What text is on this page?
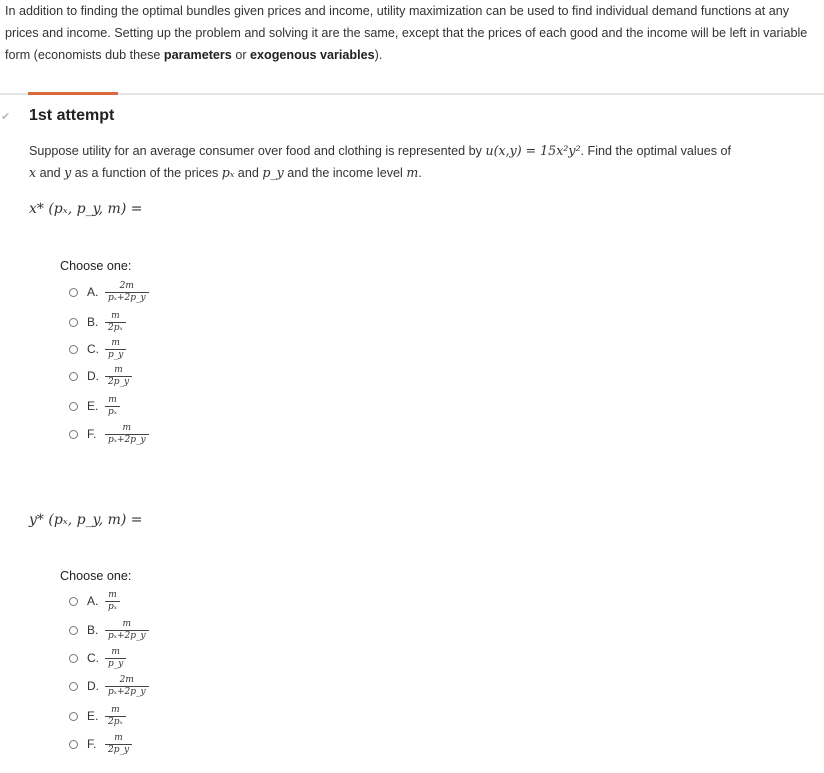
In addition to finding the optimal bundles given prices and income, utility maximization can be used to find individual demand functions at any prices and income. Setting up the problem and solving it are the same, except that the prices of each good and the income will be left in variable form (economists dub these parameters or exogenous variables).
✔ 1st attempt
Suppose utility for an average consumer over food and clothing is represented by u(x,y) = 15x²y². Find the optimal values of
x and y as a function of the prices pₓ and p_y and the income level m.
x* (pₓ, p_y, m) =
Choose one:
A. $\frac{2m}{\text{pₓ+2p\_y}}$
B. $\frac{m}{\text{2pₓ}}$
C. $\frac{m}{p\_y}$
D. $\frac{m}{2p\_y}$
E. $\frac{m}{\text{pₓ}}$
F. $\frac{m}{\text{pₓ+2p\_y}}$
y* (pₓ, p_y, m) =
Choose one:
A. $\frac{m}{\text{pₓ}}$
B. $\frac{m}{\text{pₓ+2p\_y}}$
C. $\frac{m}{p\_y}$
D. $\frac{2m}{\text{pₓ+2p\_y}}$
E. $\frac{m}{\text{2pₓ}}$
F. $\frac{m}{2p\_y}$
